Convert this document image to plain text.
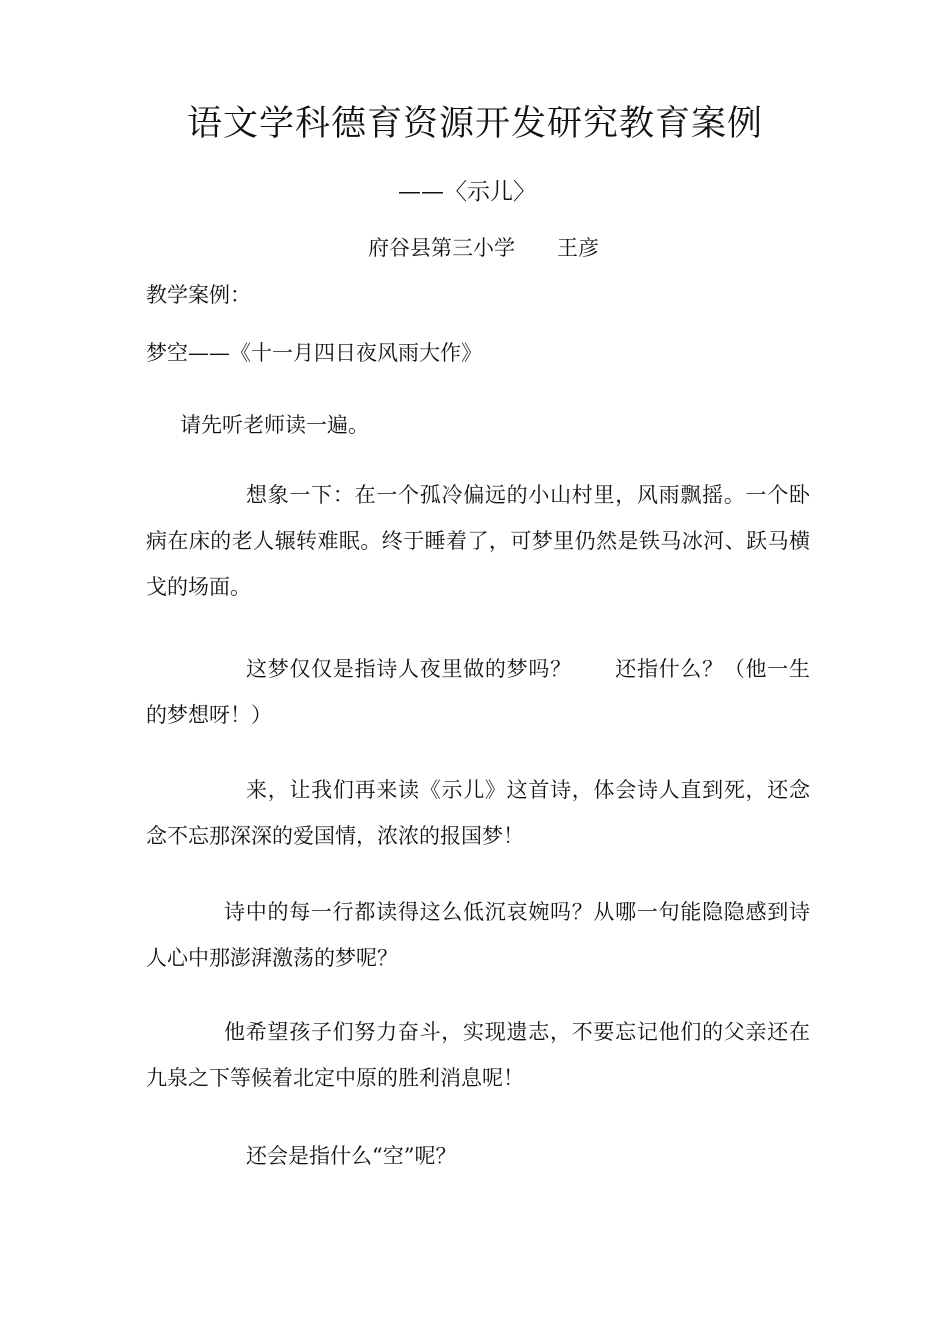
语文学科德育资源开发研究教育案例
——〈示儿〉
府谷县第三小学　　王彦

教学案例：

梦空——《十一月四日夜风雨大作》

请先听老师读一遍。

想象一下：在一个孤冷偏远的小山村里，风雨飘摇。一个卧病在床的老人辗转难眠。终于睡着了，可梦里仍然是铁马冰河、跃马横戈的场面。

这梦仅仅是指诗人夜里做的梦吗？　　还指什么？（他一生的梦想呀！）

来，让我们再来读《示儿》这首诗，体会诗人直到死，还念念不忘那深深的爱国情，浓浓的报国梦！

诗中的每一行都读得这么低沉哀婉吗？从哪一句能隐隐感到诗人心中那澎湃激荡的梦呢？

他希望孩子们努力奋斗，实现遗志，不要忘记他们的父亲还在九泉之下等候着北定中原的胜利消息呢！

还会是指什么“空”呢？
